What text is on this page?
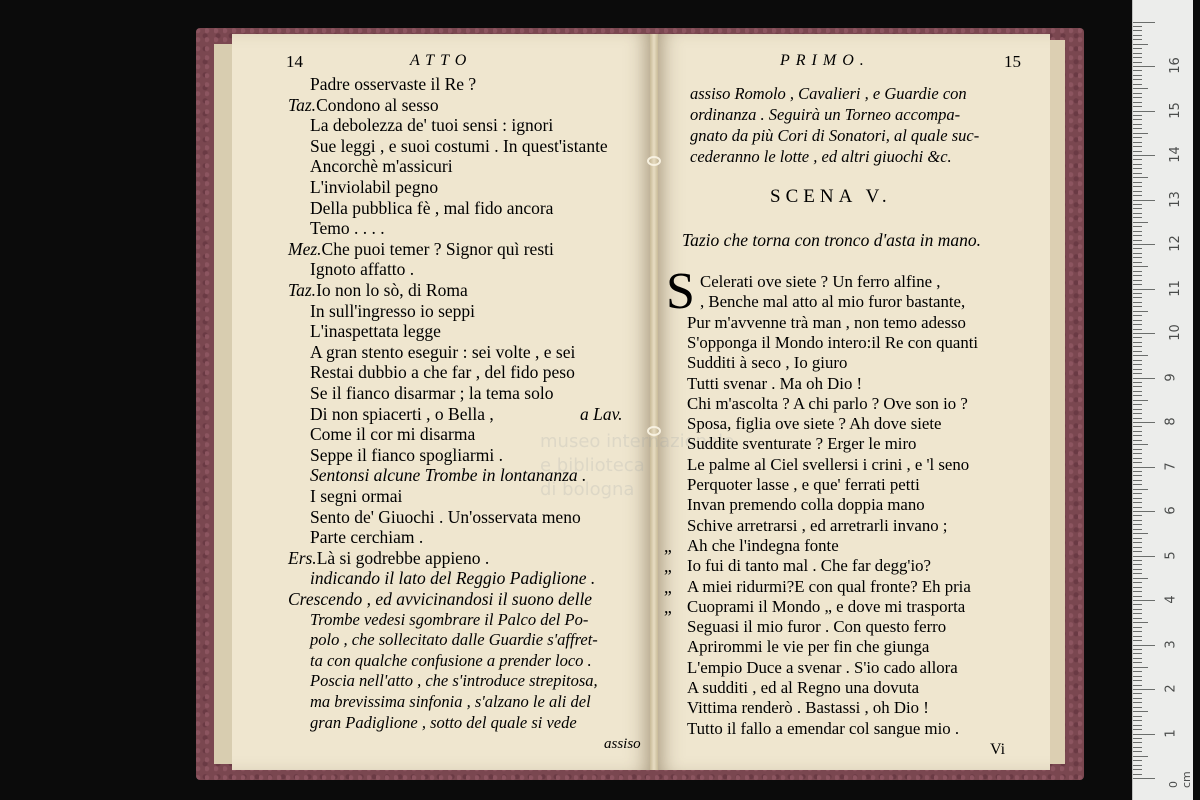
14	ATTO	PRIMO.	15
museo internazionale
e biblioteca
di bologna
Padre osservaste il Re ?
Taz.Condono al sesso
La debolezza de' tuoi sensi : ignori
Sue leggi , e suoi costumi . In quest'istante
Ancorchè m'assicuri
L'inviolabil pegno
Della pubblica fè , mal fido ancora
Temo . . . .
Mez.Che puoi temer ? Signor quì resti
Ignoto affatto .
Taz.Io non lo sò, di Roma
In sull'ingresso io seppi
L'inaspettata legge
A gran stento eseguir : sei volte , e sei
Restai dubbio a che far , del fido peso
Se il fianco disarmar ; la tema solo
Di non spiacerti , o Bella ,	a Lav.
Come il cor mi disarma
Seppe il fianco spogliarmi .
Sentonsi alcune Trombe in lontananza .
I segni ormai
Sento de' Giuochi . Un'osservata meno
Parte cerchiam .
Ers.Là si godrebbe appieno .
indicando il lato del Reggio Padiglione .
Crescendo , ed avvicinandosi il suono delle
Trombe vedesi sgombrare il Palco del Po-
polo , che sollecitato dalle Guardie s'affret-
ta con qualche confusione a prender loco .
Poscia nell'atto , che s'introduce strepitosa,
ma brevissima sinfonia , s'alzano le ali del
gran Padiglione , sotto del quale si vede
assiso
assiso Romolo , Cavalieri , e Guardie con
ordinanza . Seguirà un Torneo accompa-
gnato da più Cori di Sonatori, al quale suc-
cederanno le lotte , ed altri giuochi &c.
SCENA V.
Tazio che torna con tronco d'asta in mano.
S Celerati ove siete ? Un ferro alfine ,
, Benche mal atto al mio furor bastante,
Pur m'avvenne trà man , non temo adesso
S'opponga il Mondo intero:il Re con quanti
Sudditi à seco , Io giuro
Tutti svenar . Ma oh Dio !
Chi m'ascolta ? A chi parlo ? Ove son io ?
Sposa, figlia ove siete ? Ah dove siete
Suddite sventurate ? Erger le miro
Le palme al Ciel svellersi i crini , e 'l seno
Perquoter lasse , e que' ferrati petti
Invan premendo colla doppia mano
Schive arretrarsi , ed arretrarli invano ;
„ Ah che l'indegna fonte
„ Io fui di tanto mal . Che far degg'io?
„ A miei ridurmi?E con qual fronte? Eh pria
„ Cuoprami il Mondo „ e dove mi trasporta
Seguasi il mio furor . Con questo ferro
Aprirommi le vie per fin che giunga
L'empio Duce a svenar . S'io cado allora
A sudditi , ed al Regno una dovuta
Vittima renderò . Bastassi , oh Dio !
Tutto il fallo a emendar col sangue mio .
Vi
0 cm
1
2
3
4
5
6
7
8
9
10
11
12
13
14
15
16
